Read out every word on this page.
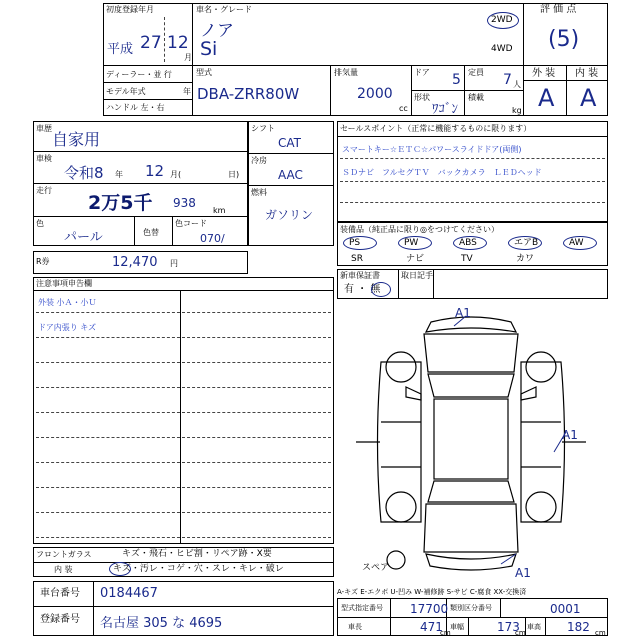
初度登録年月
平成 27 12
月
車名・グレード
ノア
Si
2WD
4WD
評 価 点
(5)
ディーラー・並 行
モデル年式	年
ハンドル 左・右
型式
DBA-ZRR80W
排気量
2000
cc
ドア 5 定員 7 人
形状
ﾜｺﾞﾝ
積載
kg
外 装 内 装
A A
車歴
自家用
車検
令和8 年 12 月(	日)
走行
2万5千 938
km
色
パール	色替
色コード
070/
シフト
CAT
冷房
AAC
燃料
ガソリン
セールスポイント（正常に機能するものに限ります）
スマートキー☆ＥＴＣ☆パワースライドドア(両側)
ＳＤナビ　フルセグＴＶ　バックカメラ　ＬＥＤヘッド
装備品（純正品に限り◎をつけてください）
R券	12,470 円
新車保証書
有 ・ 無
取日記手
注意事項申告欄
外装 小Ａ・小Ｕ
ドア内張り キズ
フロントガラス	キズ・飛石・ヒビ割・リペア跡・X要
内 装	キズ・汚レ・コゲ・穴・スレ・キレ・破レ
車台番号 0184467
登録番号 名古屋 305 な 4695
A1
A1
A1
スペア
A-キズ E-エクボ U-凹み W-補修跡 S-サビ C-腐食 XX-交換済
型式指定番号 17700 類別区分番号	0001
車長	471 車幅	173 車高 182
cm	cm	cm
PS	PW	ABS	エアB	AW
SR	ナビ	TV	カワ
